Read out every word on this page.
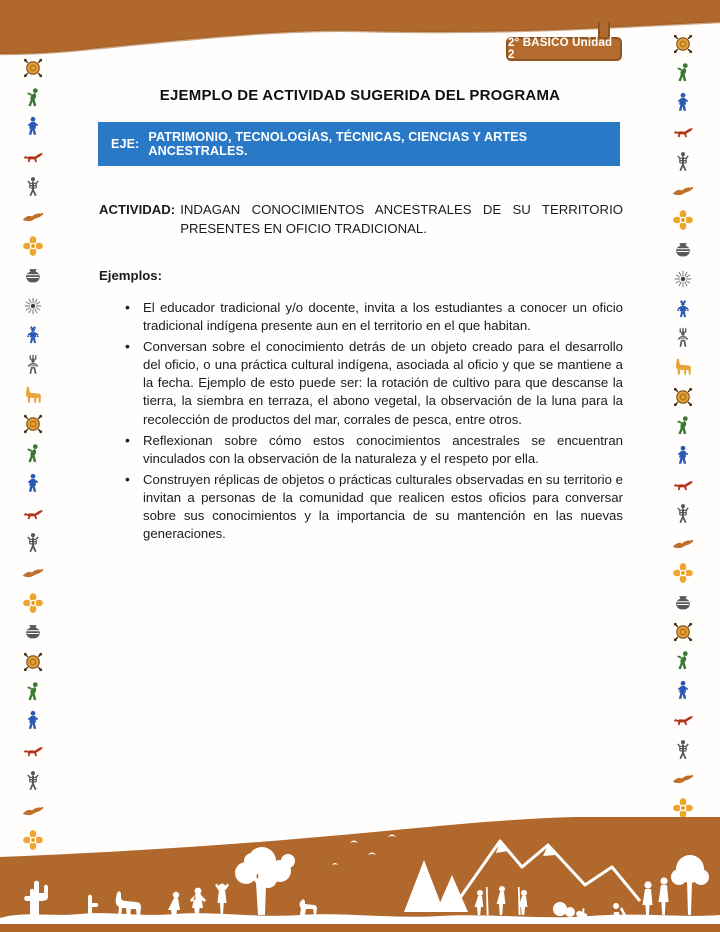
2° BÁSICO Unidad 2
EJEMPLO DE ACTIVIDAD SUGERIDA DEL PROGRAMA
EJE: PATRIMONIO, TECNOLOGÍAS, TÉCNICAS, CIENCIAS Y ARTES ANCESTRALES.
ACTIVIDAD: INDAGAN CONOCIMIENTOS ANCESTRALES DE SU TERRITORIO PRESENTES EN OFICIO TRADICIONAL.
Ejemplos:
• El educador tradicional y/o docente, invita a los estudiantes a conocer un oficio tradicional indígena presente aun en el territorio en el que habitan.
• Conversan sobre el conocimiento detrás de un objeto creado para el desarrollo del oficio, o una práctica cultural indígena, asociada al oficio y que se mantiene a la fecha. Ejemplo de esto puede ser: la rotación de cultivo para que descanse la tierra, la siembra en terraza, el abono vegetal, la observación de la luna para la recolección de productos del mar, corrales de pesca, entre otros.
• Reflexionan sobre cómo estos conocimientos ancestrales se encuentran vinculados con la observación de la naturaleza y el respeto por ella.
• Construyen réplicas de objetos o prácticas culturales observadas en su territorio e invitan a personas de la comunidad que realicen estos oficios para conversar sobre sus conocimientos y la importancia de su mantención en las nuevas generaciones.
